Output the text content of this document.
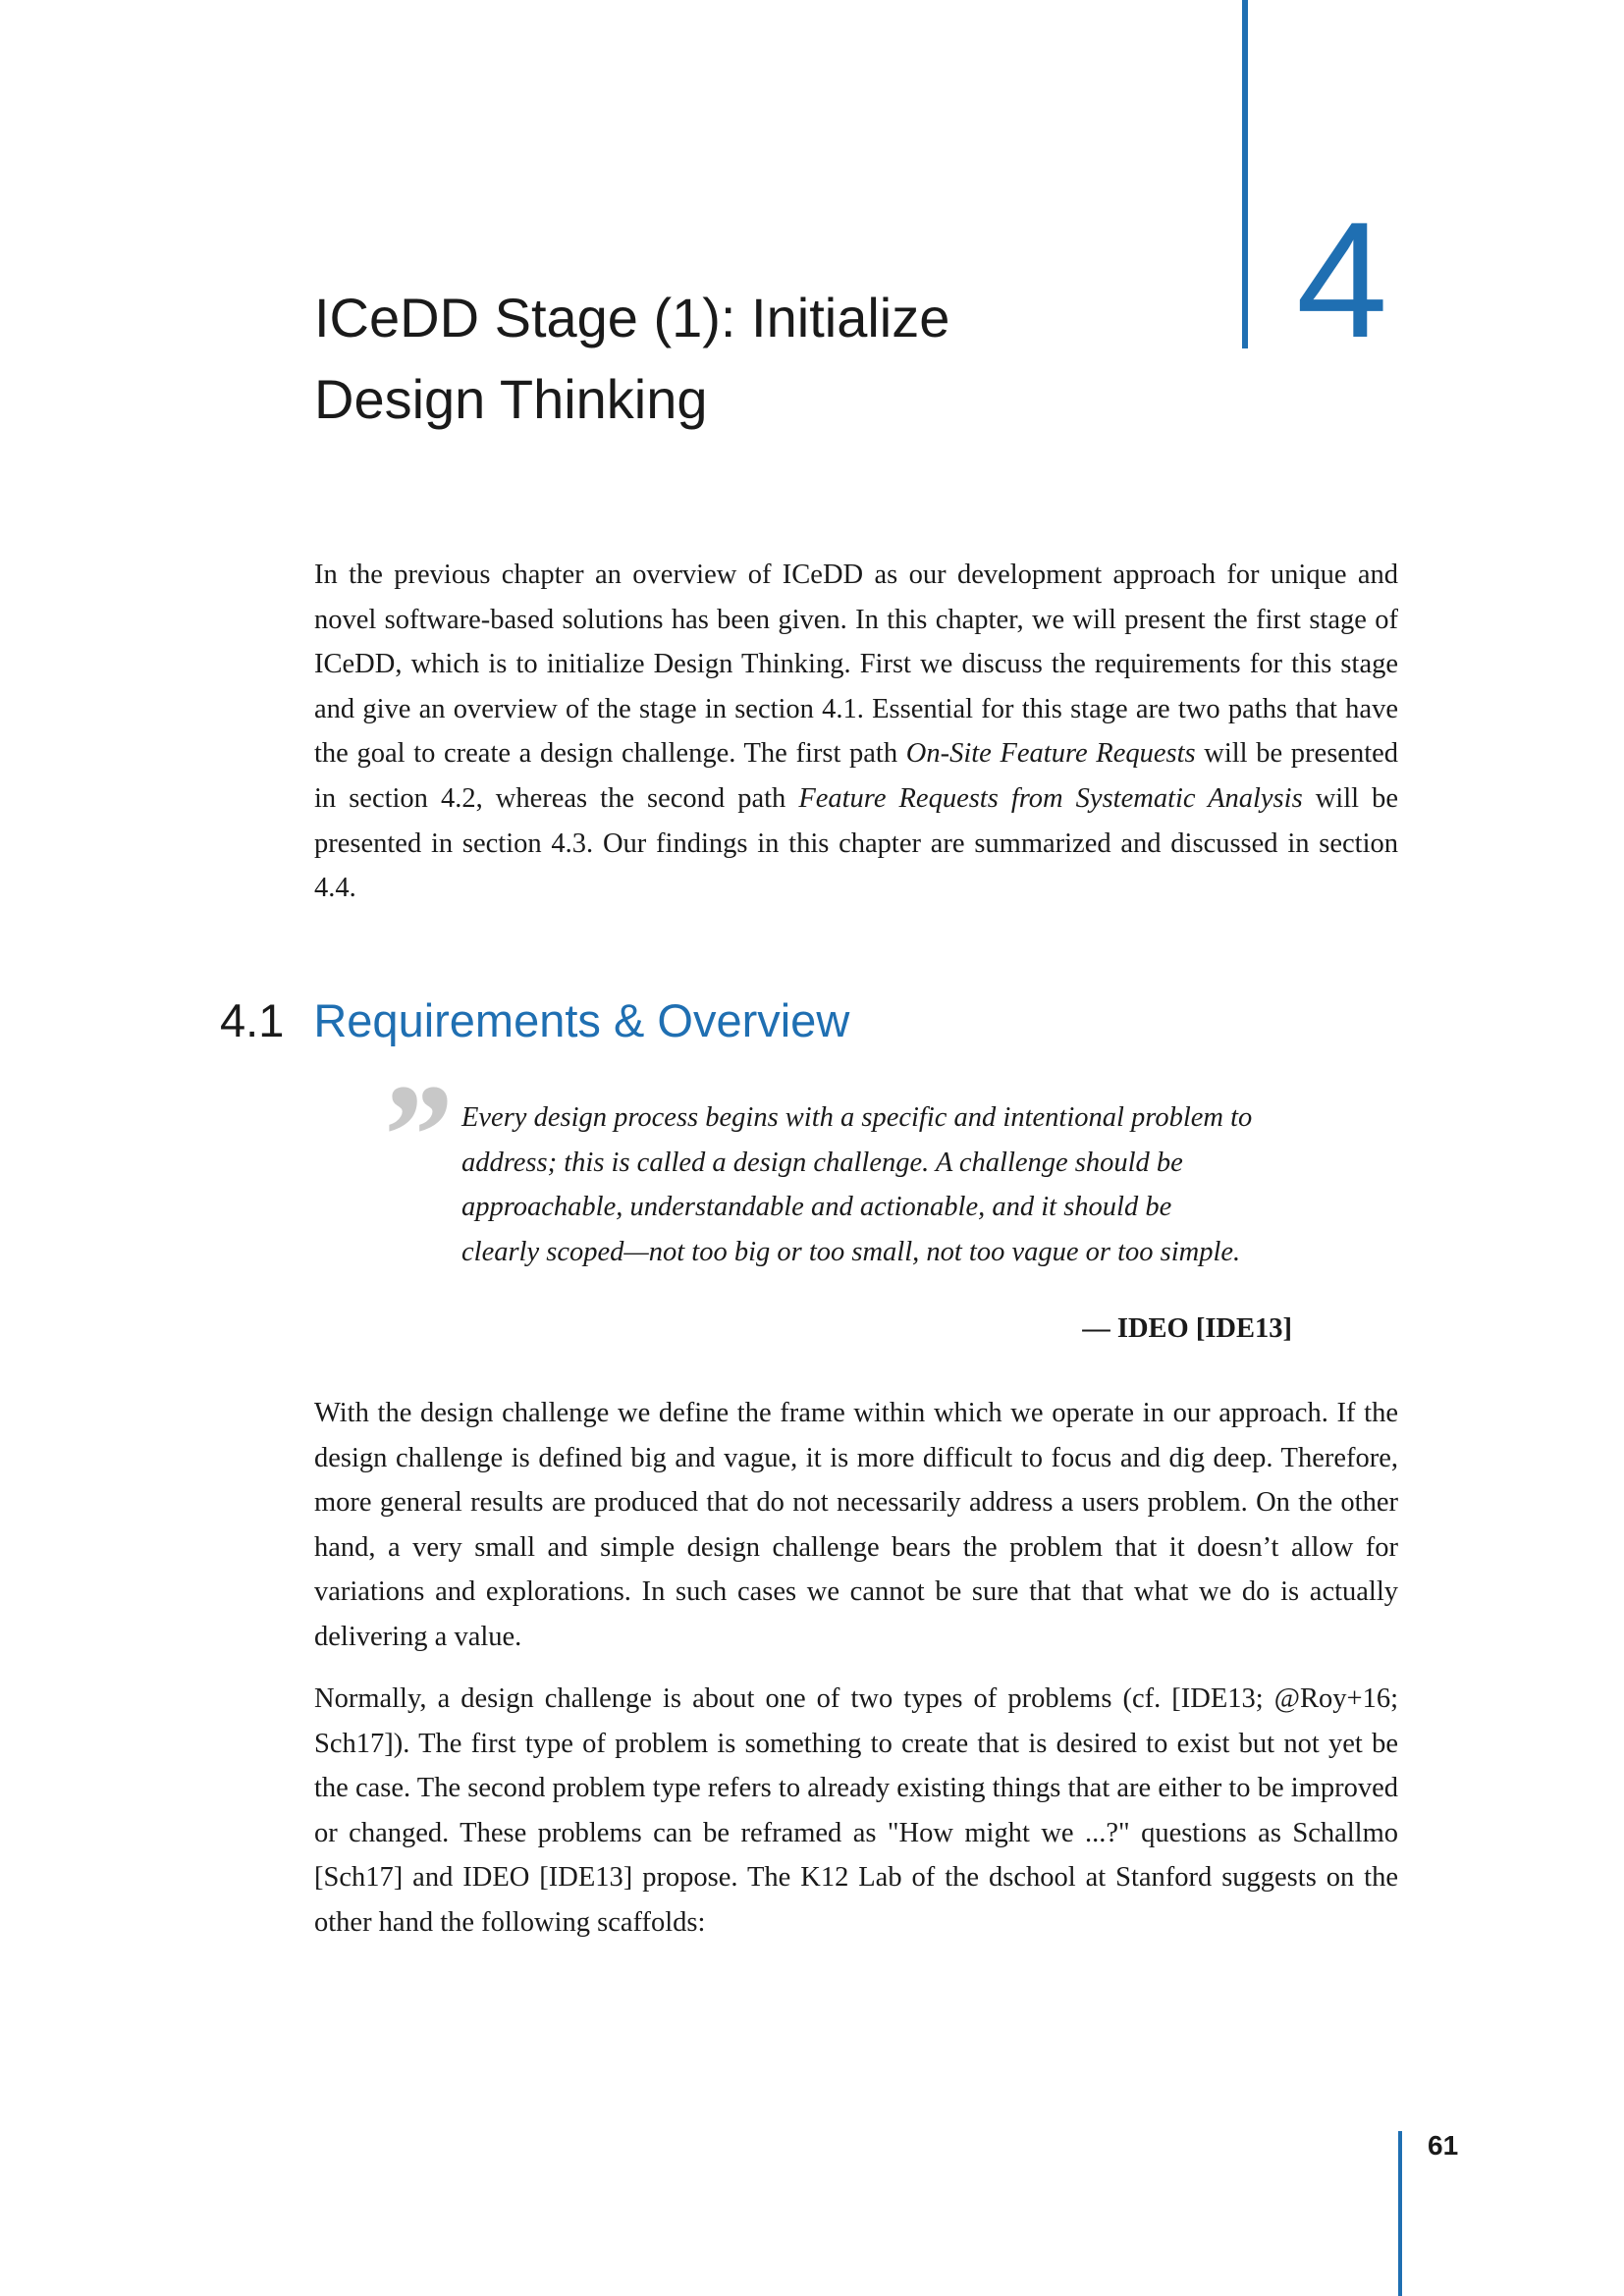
4
ICeDD Stage (1): Initialize
Design Thinking

In the previous chapter an overview of ICeDD as our development approach for unique and novel software-based solutions has been given. In this chapter, we will present the first stage of ICeDD, which is to initialize Design Thinking. First we discuss the requirements for this stage and give an overview of the stage in section 4.1. Essential for this stage are two paths that have the goal to create a design challenge. The first path On-Site Feature Requests will be presented in section 4.2, whereas the second path Feature Requests from Systematic Analysis will be presented in section 4.3. Our findings in this chapter are summarized and discussed in section 4.4.

4.1 Requirements & Overview
” Every design process begins with a specific and intentional problem to
address; this is called a design challenge. A challenge should be
approachable, understandable and actionable, and it should be
clearly scoped—not too big or too small, not too vague or too simple.
— IDEO [IDE13]

With the design challenge we define the frame within which we operate in our approach. If the design challenge is defined big and vague, it is more difficult to focus and dig deep. Therefore, more general results are produced that do not necessarily address a users problem. On the other hand, a very small and simple design challenge bears the problem that it doesn’t allow for variations and explorations. In such cases we cannot be sure that that what we do is actually delivering a value.

Normally, a design challenge is about one of two types of problems (cf. [IDE13; @Roy+16; Sch17]). The first type of problem is something to create that is desired to exist but not yet be the case. The second problem type refers to already existing things that are either to be improved or changed. These problems can be reframed as "How might we ...?" questions as Schallmo [Sch17] and IDEO [IDE13] propose. The K12 Lab of the dschool at Stanford suggests on the other hand the following scaffolds:

61
